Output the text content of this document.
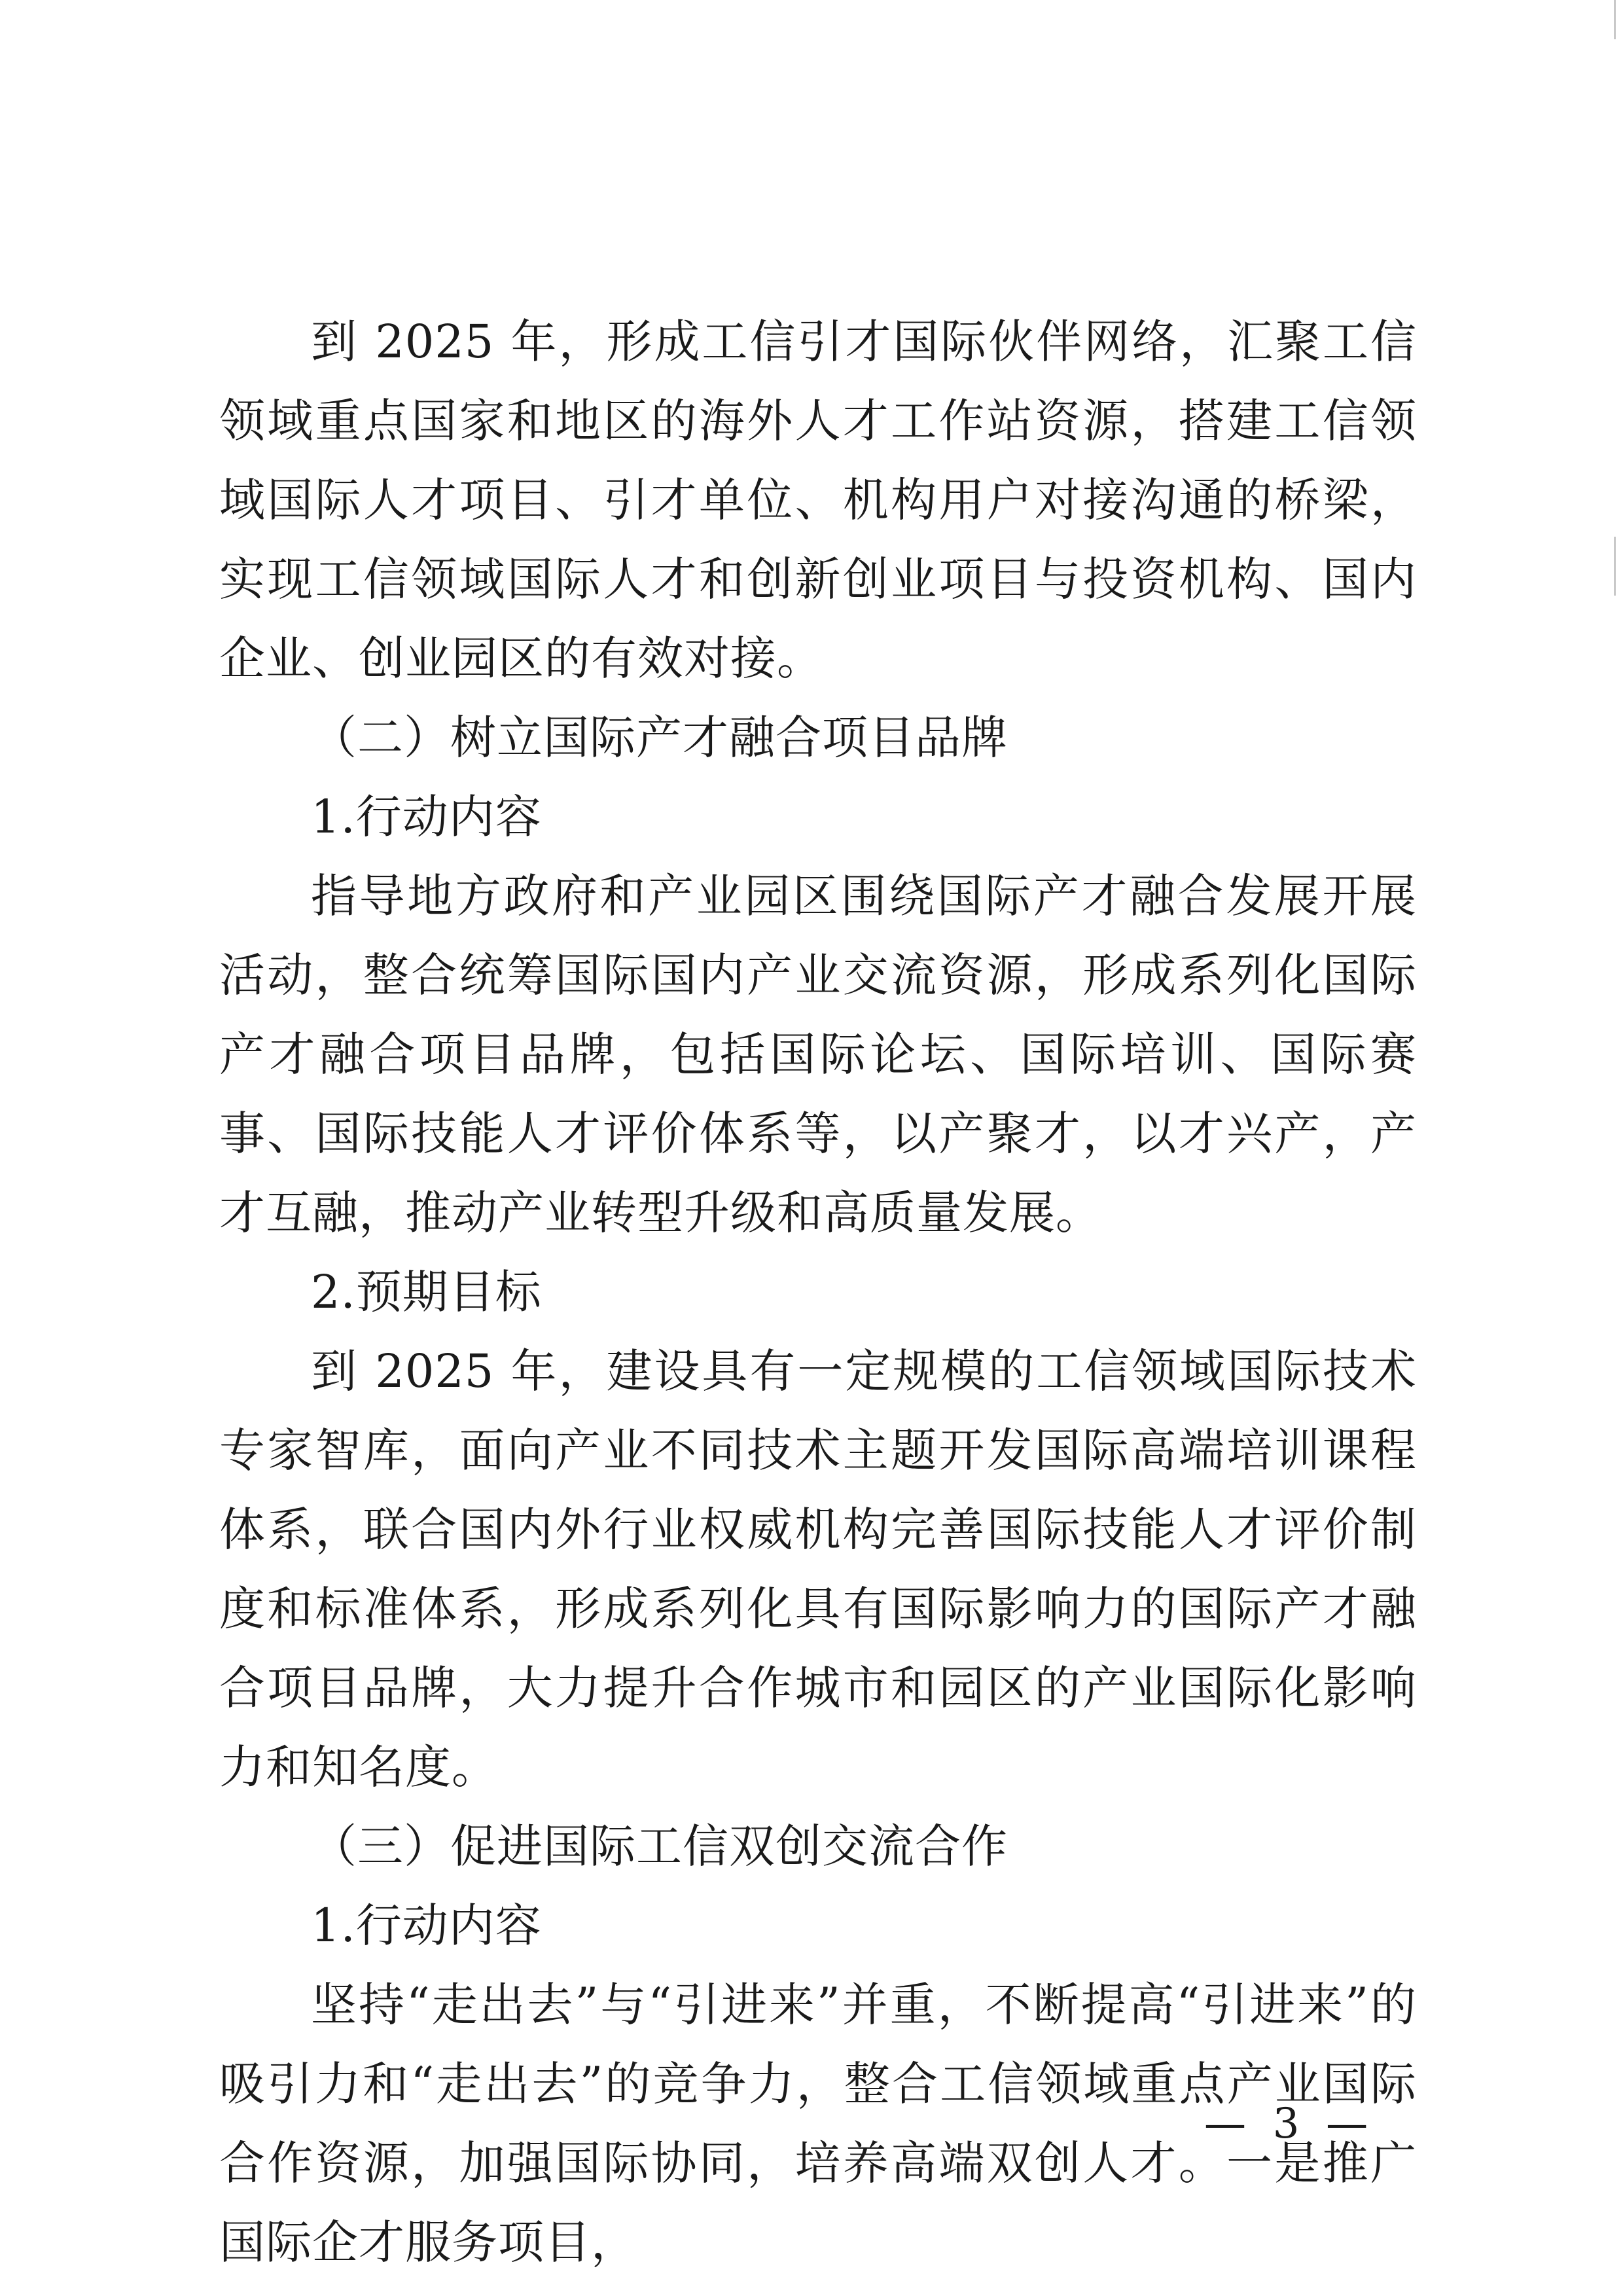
到 2025 年，形成工信引才国际伙伴网络，汇聚工信领域重点国家和地区的海外人才工作站资源，搭建工信领域国际人才项目、引才单位、机构用户对接沟通的桥梁，实现工信领域国际人才和创新创业项目与投资机构、国内企业、创业园区的有效对接。

（二）树立国际产才融合项目品牌

1.行动内容

指导地方政府和产业园区围绕国际产才融合发展开展活动，整合统筹国际国内产业交流资源，形成系列化国际产才融合项目品牌，包括国际论坛、国际培训、国际赛事、国际技能人才评价体系等，以产聚才，以才兴产，产才互融，推动产业转型升级和高质量发展。

2.预期目标

到 2025 年，建设具有一定规模的工信领域国际技术专家智库，面向产业不同技术主题开发国际高端培训课程体系，联合国内外行业权威机构完善国际技能人才评价制度和标准体系，形成系列化具有国际影响力的国际产才融合项目品牌，大力提升合作城市和园区的产业国际化影响力和知名度。

（三）促进国际工信双创交流合作

1.行动内容

坚持“走出去”与“引进来”并重，不断提高“引进来”的吸引力和“走出去”的竞争力，整合工信领域重点产业国际合作资源，加强国际协同，培养高端双创人才。一是推广国际企才服务项目，

—  3  —
